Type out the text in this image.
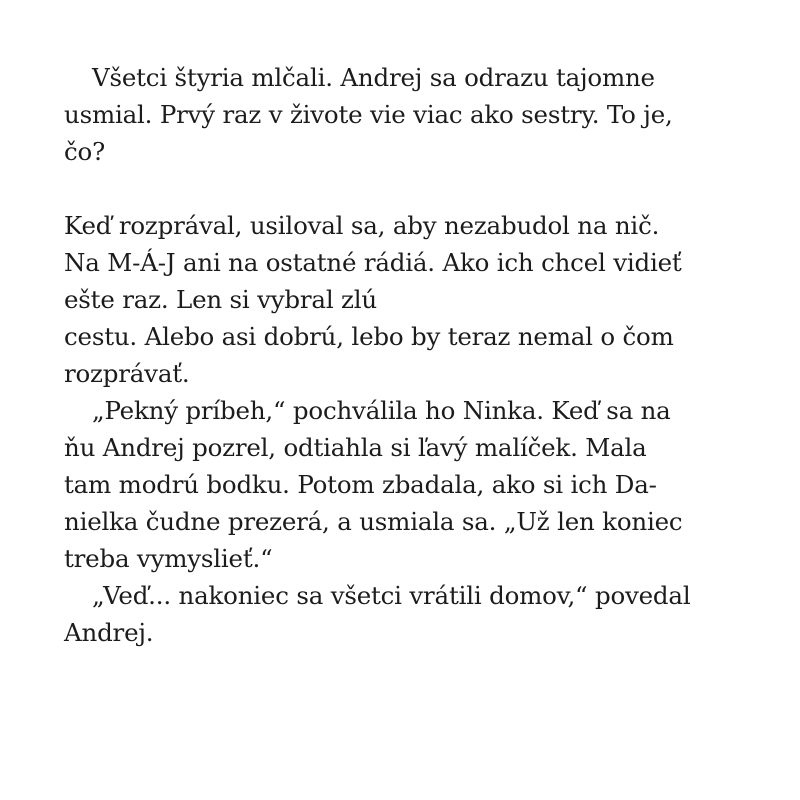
Všetci štyria mlčali. Andrej sa odrazu tajomne
usmial. Prvý raz v živote vie viac ako sestry. To je,
čo?
Keď rozprával, usiloval sa, aby nezabudol na nič.
Na M-Á-J ani na ostatné rádiá. Ako ich chcel vidieť
ešte raz. Len si vybral zlú
cestu. Alebo asi dobrú, lebo by teraz nemal o čom
rozprávať.
„Pekný príbeh,“ pochválila ho Ninka. Keď sa na
ňu Andrej pozrel, odtiahla si ľavý malíček. Mala
tam modrú bodku. Potom zbadala, ako si ich Da-
nielka čudne prezerá, a usmiala sa. „Už len koniec
treba vymyslieť.“
„Veď... nakoniec sa všetci vrátili domov,“ povedal
Andrej.
